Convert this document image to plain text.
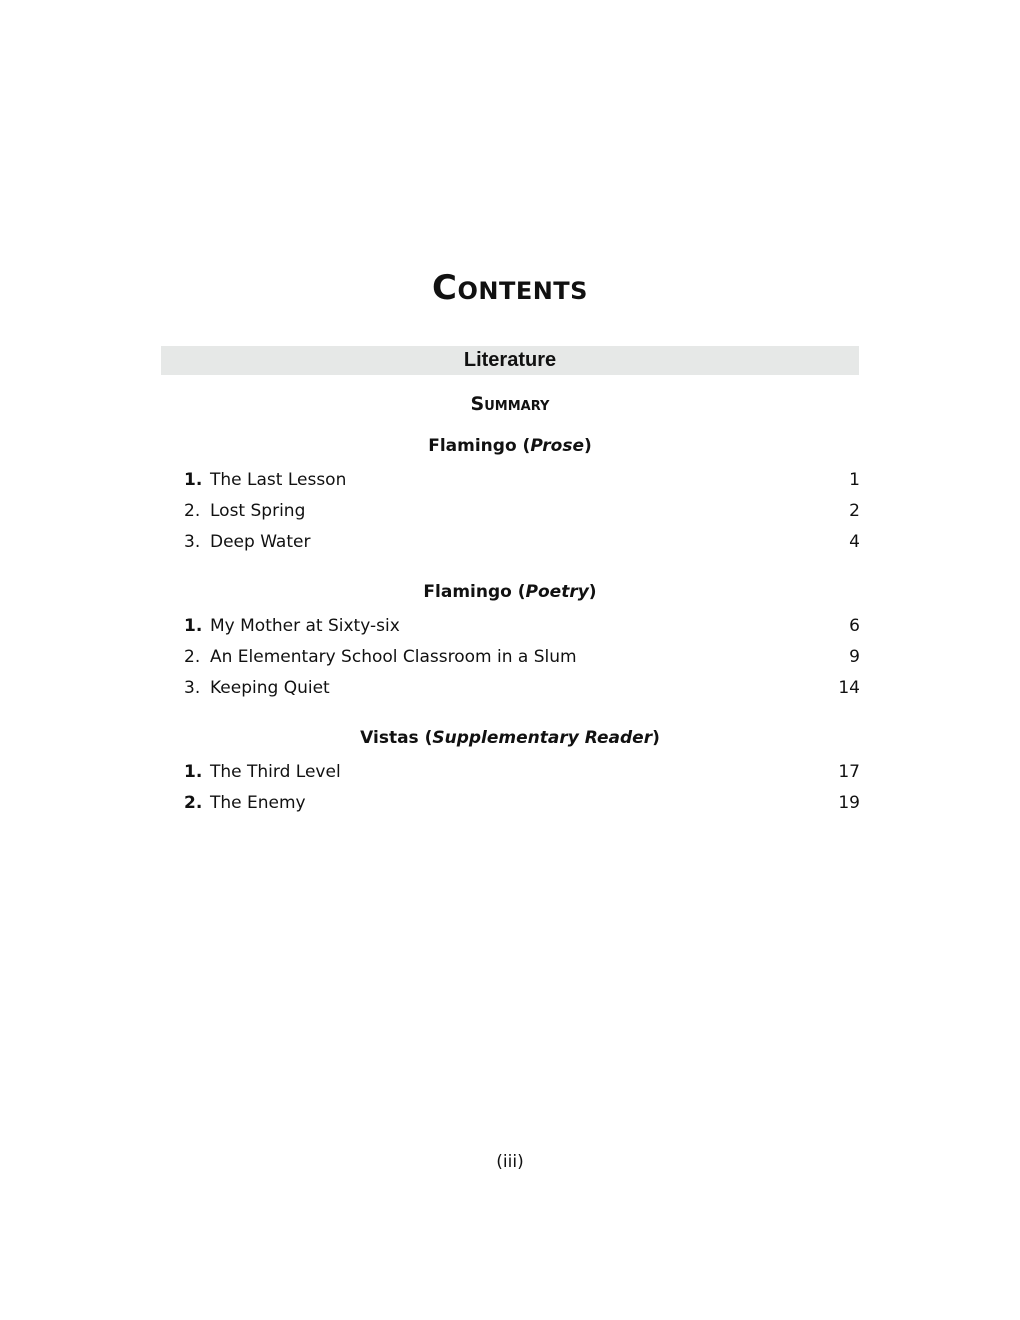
Contents
Literature
Summary
Flamingo (Prose)
1. The Last Lesson	1
2. Lost Spring	2
3. Deep Water	4
Flamingo (Poetry)
1. My Mother at Sixty-six	6
2. An Elementary School Classroom in a Slum	9
3. Keeping Quiet	14
Vistas (Supplementary Reader)
1. The Third Level	17
2. The Enemy	19
(iii)
